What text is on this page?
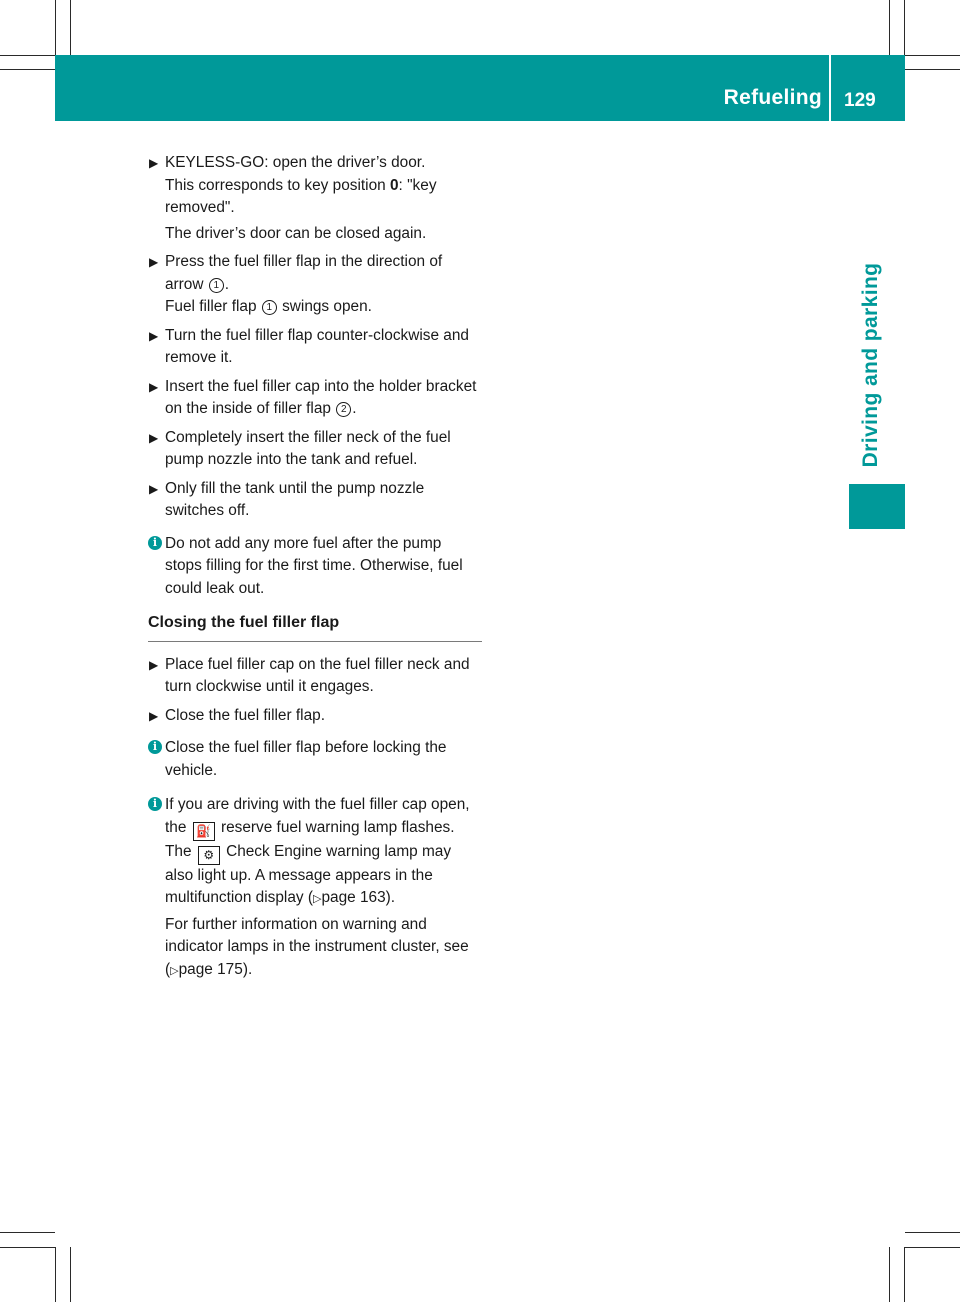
Refueling 129
Driving and parking
▶ KEYLESS-GO: open the driver’s door.

This corresponds to key position 0: "key removed".

The driver’s door can be closed again.

▶ Press the fuel filler flap in the direction of arrow 1 .

Fuel filler flap 1 swings open.

▶ Turn the fuel filler flap counter-clockwise and remove it.

▶ Insert the fuel filler cap into the holder bracket on the inside of filler flap 2 .

▶ Completely insert the filler neck of the fuel pump nozzle into the tank and refuel.

▶ Only fill the tank until the pump nozzle switches off.

i Do not add any more fuel after the pump stops filling for the first time. Otherwise, fuel could leak out.

Closing the fuel filler flap
▶ Place fuel filler cap on the fuel filler neck and turn clockwise until it engages.

▶ Close the fuel filler flap.

i Close the fuel filler flap before locking the vehicle.

i If you are driving with the fuel filler cap open, the ⛽ reserve fuel warning lamp flashes. The ⚙ Check Engine warning lamp may also light up. A message appears in the multifunction display (▷page 163).

For further information on warning and indicator lamps in the instrument cluster, see (▷page 175).
